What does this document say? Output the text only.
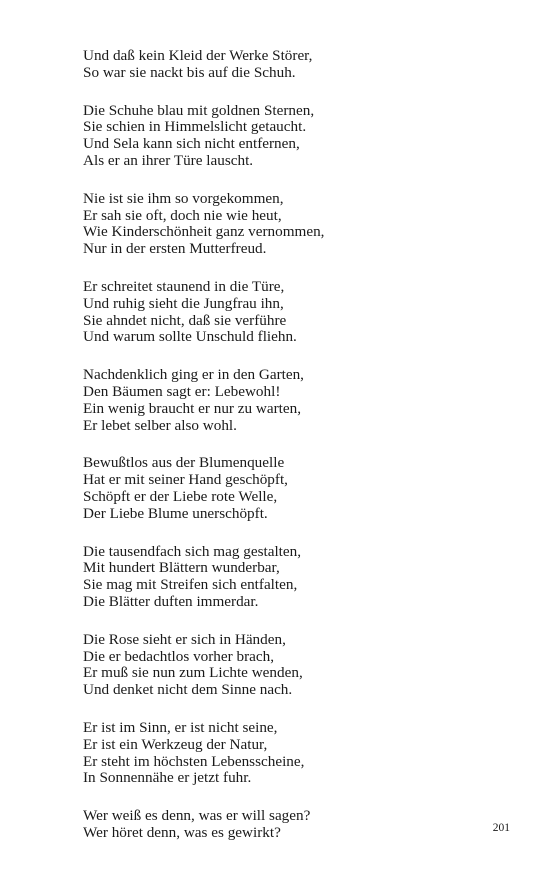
Und daß kein Kleid der Werke Störer,
So war sie nackt bis auf die Schuh.
Die Schuhe blau mit goldnen Sternen,
Sie schien in Himmelslicht getaucht.
Und Sela kann sich nicht entfernen,
Als er an ihrer Türe lauscht.
Nie ist sie ihm so vorgekommen,
Er sah sie oft, doch nie wie heut,
Wie Kinderschönheit ganz vernommen,
Nur in der ersten Mutterfreud.
Er schreitet staunend in die Türe,
Und ruhig sieht die Jungfrau ihn,
Sie ahndet nicht, daß sie verführe
Und warum sollte Unschuld fliehn.
Nachdenklich ging er in den Garten,
Den Bäumen sagt er: Lebewohl!
Ein wenig braucht er nur zu warten,
Er lebet selber also wohl.
Bewußtlos aus der Blumenquelle
Hat er mit seiner Hand geschöpft,
Schöpft er der Liebe rote Welle,
Der Liebe Blume unerschöpft.
Die tausendfach sich mag gestalten,
Mit hundert Blättern wunderbar,
Sie mag mit Streifen sich entfalten,
Die Blätter duften immerdar.
Die Rose sieht er sich in Händen,
Die er bedachtlos vorher brach,
Er muß sie nun zum Lichte wenden,
Und denket nicht dem Sinne nach.
Er ist im Sinn, er ist nicht seine,
Er ist ein Werkzeug der Natur,
Er steht im höchsten Lebensscheine,
In Sonnennähe er jetzt fuhr.
Wer weiß es denn, was er will sagen?
Wer höret denn, was es gewirkt?	201
